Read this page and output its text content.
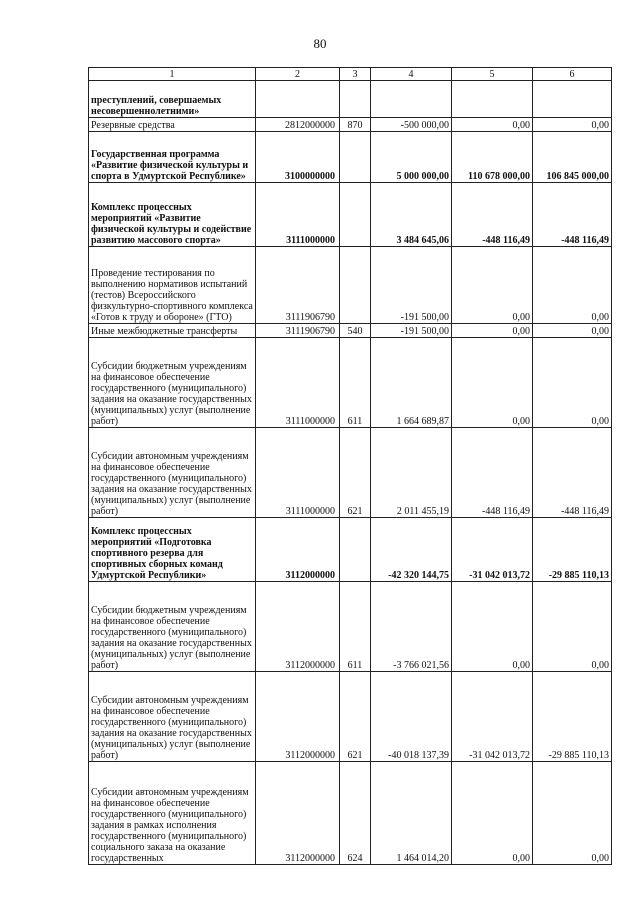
80
1	2	3	4	5	6
преступлений, совершаемых несовершеннолетними»					
Резервные средства	2812000000	870	-500 000,00	0,00	0,00
Государственная программа «Развитие физической культуры и спорта в Удмуртской Республике»	3100000000		5 000 000,00	110 678 000,00	106 845 000,00
Комплекс процессных мероприятий «Развитие физической культуры и содействие развитию массового спорта»	3111000000		3 484 645,06	-448 116,49	-448 116,49
Проведение тестирования по выполнению нормативов испытаний (тестов) Всероссийского физкультурно-спортивного комплекса «Готов к труду и обороне» (ГТО)	3111906790		-191 500,00	0,00	0,00
Иные межбюджетные трансферты	3111906790	540	-191 500,00	0,00	0,00
Субсидии бюджетным учреждениям на финансовое обеспечение государственного (муниципального) задания на оказание государственных (муниципальных) услуг (выполнение работ)	3111000000	611	1 664 689,87	0,00	0,00
Субсидии автономным учреждениям на финансовое обеспечение государственного (муниципального) задания на оказание государственных (муниципальных) услуг (выполнение работ)	3111000000	621	2 011 455,19	-448 116,49	-448 116,49
Комплекс процессных мероприятий «Подготовка спортивного резерва для спортивных сборных команд Удмуртской Республики»	3112000000		-42 320 144,75	-31 042 013,72	-29 885 110,13
Субсидии бюджетным учреждениям на финансовое обеспечение государственного (муниципального) задания на оказание государственных (муниципальных) услуг (выполнение работ)	3112000000	611	-3 766 021,56	0,00	0,00
Субсидии автономным учреждениям на финансовое обеспечение государственного (муниципального) задания на оказание государственных (муниципальных) услуг (выполнение работ)	3112000000	621	-40 018 137,39	-31 042 013,72	-29 885 110,13
Субсидии автономным учреждениям на финансовое обеспечение государственного (муниципального) задания в рамках исполнения государственного (муниципального) социального заказа на оказание государственных	3112000000	624	1 464 014,20	0,00	0,00
